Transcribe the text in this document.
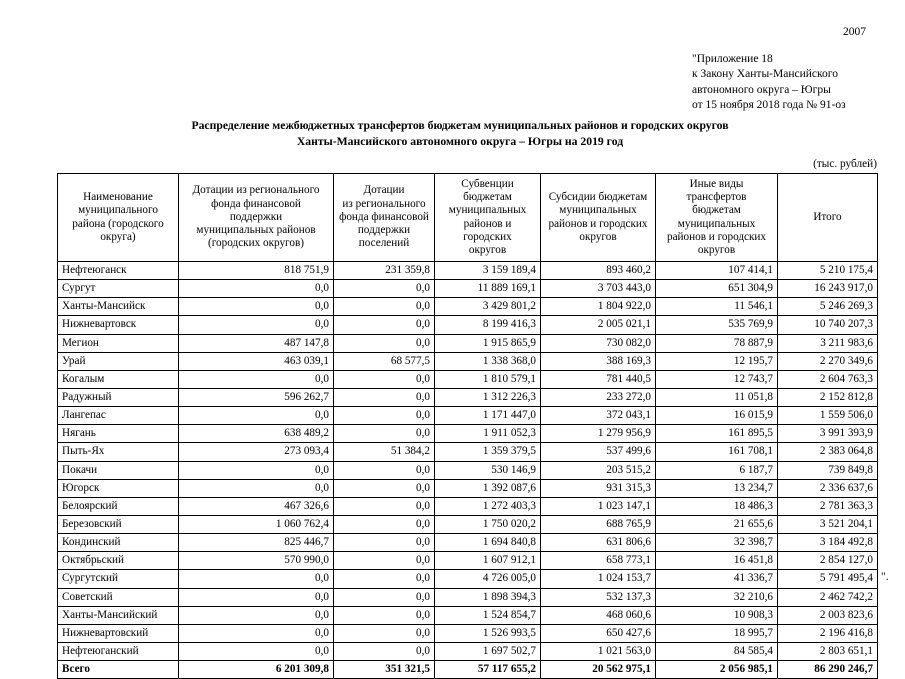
2007
"Приложение 18
к Закону Ханты-Мансийского
автономного округа – Югры
от 15 ноября 2018 года № 91-оз
Распределение межбюджетных трансфертов бюджетам муниципальных районов и городских округов
Ханты-Мансийского автономного округа – Югры на 2019 год
(тыс. рублей)
Наименование
муниципального
района (городского
округа)	Дотации из регионального
фонда финансовой
поддержки
муниципальных районов
(городских округов)	Дотации
из регионального
фонда финансовой
поддержки
поселений	Субвенции
бюджетам
муниципальных
районов и
городских
округов	Субсидии бюджетам
муниципальных
районов и городских
округов	Иные виды
трансфертов
бюджетам
муниципальных
районов и городских
округов	Итого
Нефтеюганск	818 751,9	231 359,8	3 159 189,4	893 460,2	107 414,1	5 210 175,4
Сургут	0,0	0,0	11 889 169,1	3 703 443,0	651 304,9	16 243 917,0
Ханты-Мансийск	0,0	0,0	3 429 801,2	1 804 922,0	11 546,1	5 246 269,3
Нижневартовск	0,0	0,0	8 199 416,3	2 005 021,1	535 769,9	10 740 207,3
Мегион	487 147,8	0,0	1 915 865,9	730 082,0	78 887,9	3 211 983,6
Урай	463 039,1	68 577,5	1 338 368,0	388 169,3	12 195,7	2 270 349,6
Когалым	0,0	0,0	1 810 579,1	781 440,5	12 743,7	2 604 763,3
Радужный	596 262,7	0,0	1 312 226,3	233 272,0	11 051,8	2 152 812,8
Лангепас	0,0	0,0	1 171 447,0	372 043,1	16 015,9	1 559 506,0
Нягань	638 489,2	0,0	1 911 052,3	1 279 956,9	161 895,5	3 991 393,9
Пыть-Ях	273 093,4	51 384,2	1 359 379,5	537 499,6	161 708,1	2 383 064,8
Покачи	0,0	0,0	530 146,9	203 515,2	6 187,7	739 849,8
Югорск	0,0	0,0	1 392 087,6	931 315,3	13 234,7	2 336 637,6
Белоярский	467 326,6	0,0	1 272 403,3	1 023 147,1	18 486,3	2 781 363,3
Березовский	1 060 762,4	0,0	1 750 020,2	688 765,9	21 655,6	3 521 204,1
Кондинский	825 446,7	0,0	1 694 840,8	631 806,6	32 398,7	3 184 492,8
Октябрьский	570 990,0	0,0	1 607 912,1	658 773,1	16 451,8	2 854 127,0
Сургутский	0,0	0,0	4 726 005,0	1 024 153,7	41 336,7	5 791 495,4
Советский	0,0	0,0	1 898 394,3	532 137,3	32 210,6	2 462 742,2
Ханты-Мансийский	0,0	0,0	1 524 854,7	468 060,6	10 908,3	2 003 823,6
Нижневартовский	0,0	0,0	1 526 993,5	650 427,6	18 995,7	2 196 416,8
Нефтеюганский	0,0	0,0	1 697 502,7	1 021 563,0	84 585,4	2 803 651,1
Всего	6 201 309,8	351 321,5	57 117 655,2	20 562 975,1	2 056 985,1	86 290 246,7
".
